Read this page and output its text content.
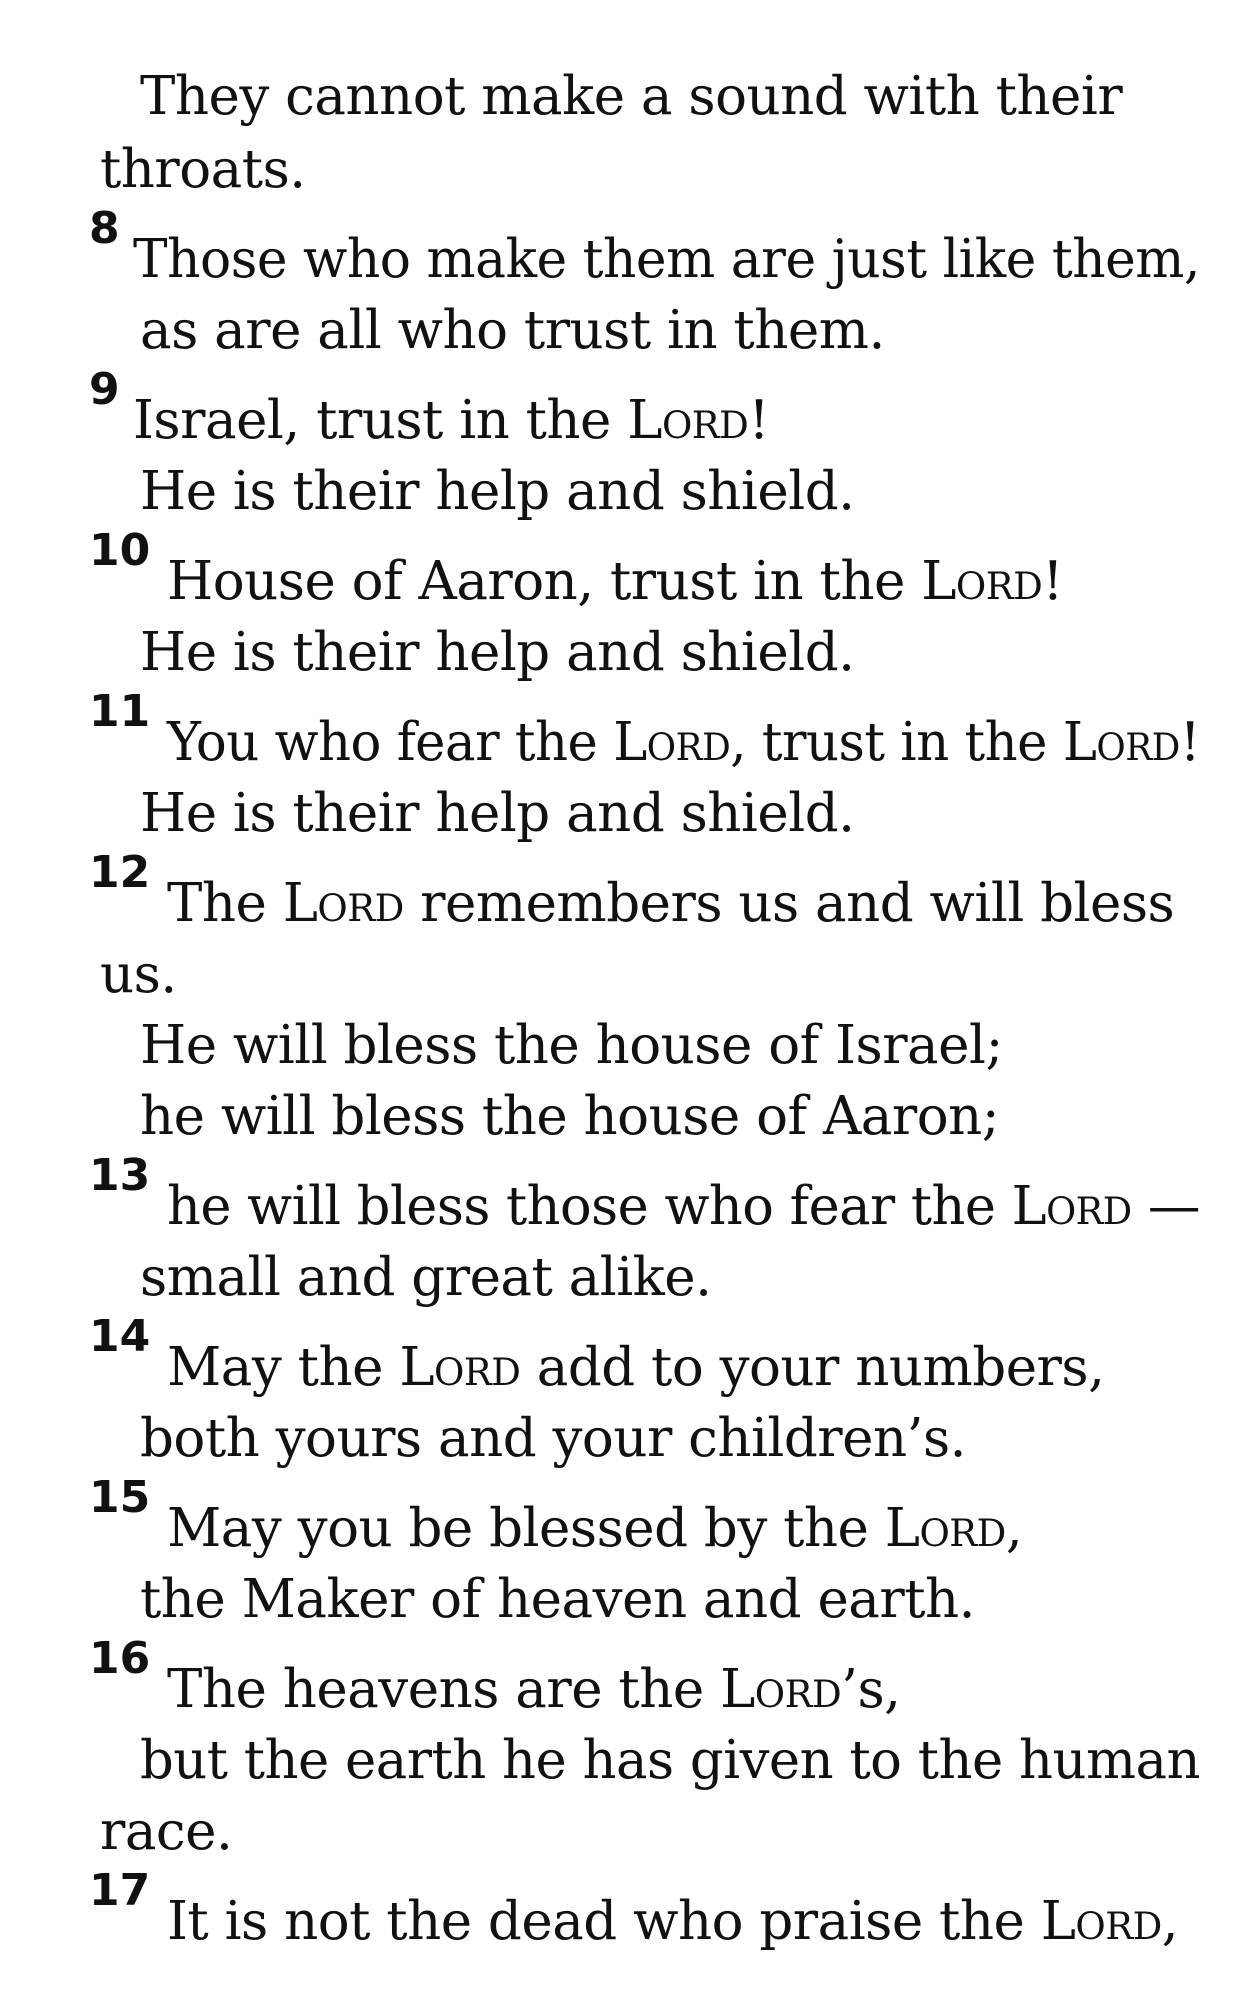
They cannot make a sound with their
throats.
8
Those who make them are just like them,
as are all who trust in them.
9
Israel, trust in the Lord!
He is their help and shield.
10
House of Aaron, trust in the Lord!
He is their help and shield.
11
You who fear the Lord, trust in the Lord!
He is their help and shield.
12
The Lord remembers us and will bless
us.
He will bless the house of Israel;
he will bless the house of Aaron;
13
he will bless those who fear the Lord —
small and great alike.
14
May the Lord add to your numbers,
both yours and your children’s.
15
May you be blessed by the Lord,
the Maker of heaven and earth.
16
The heavens are the Lord’s,
but the earth he has given to the human
race.
17
It is not the dead who praise the Lord,
